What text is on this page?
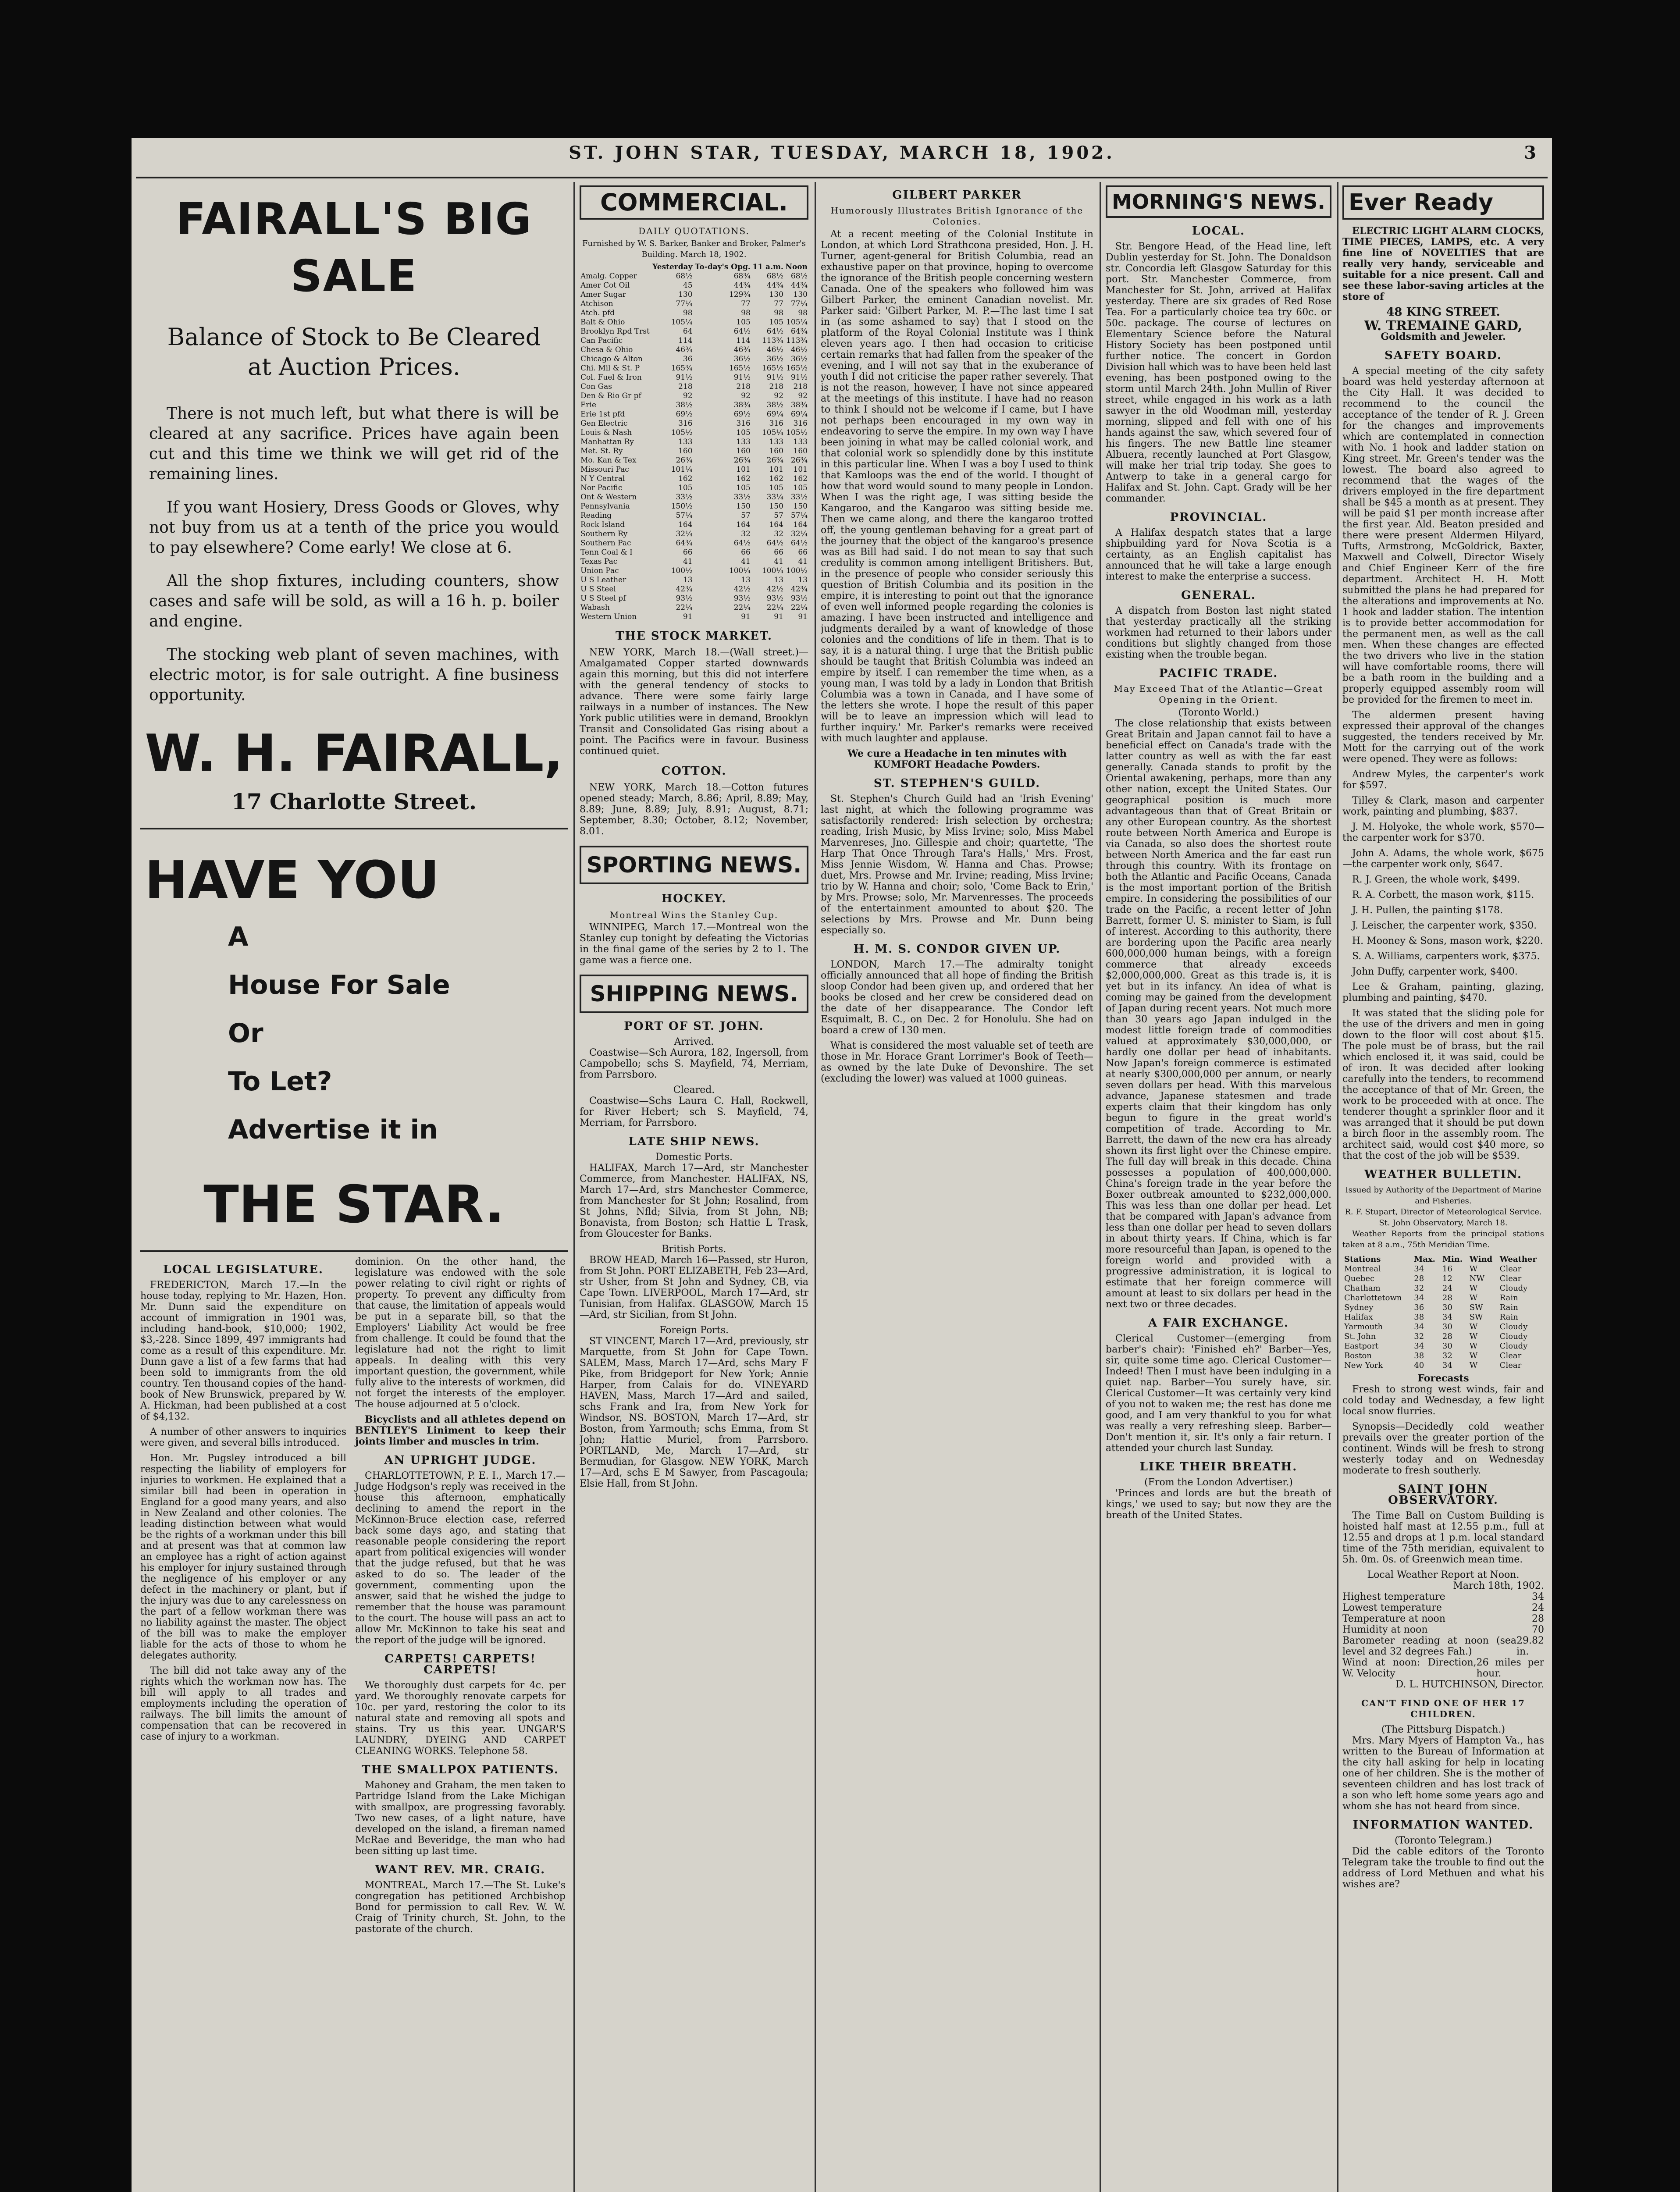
ST. JOHN STAR, TUESDAY, MARCH 18, 1902.	3
FAIRALL'S BIG SALE
Balance of Stock to Be Cleared at Auction Prices.

There is not much left, but what there is will be cleared at any sacrifice. Prices have again been cut and this time we think we will get rid of the remaining lines.

If you want Hosiery, Dress Goods or Gloves, why not buy from us at a tenth of the price you would to pay elsewhere? Come early! We close at 6.

All the shop fixtures, including counters, show cases and safe will be sold, as will a 16 h. p. boiler and engine.

The stocking web plant of seven machines, with electric motor, is for sale outright. A fine business opportunity.

W. H. FAIRALL,
17 Charlotte Street.
HAVE YOU
A
House For Sale
Or
To Let?
Advertise it in
THE STAR.
LOCAL LEGISLATURE.

FREDERICTON, March 17.—In the house today, replying to Mr. Hazen, Hon. Mr. Dunn said the expenditure on account of immigration in 1901 was, including hand-book, $10,000; 1902, $3,-228. Since 1899, 497 immigrants had come as a result of this expenditure. Mr. Dunn gave a list of a few farms that had been sold to immigrants from the old country. Ten thousand copies of the hand-book of New Brunswick, prepared by W. A. Hickman, had been published at a cost of $4,132.

A number of other answers to inquiries were given, and several bills introduced.

Hon. Mr. Pugsley introduced a bill respecting the liability of employers for injuries to workmen. He explained that a similar bill had been in operation in England for a good many years, and also in New Zealand and other colonies. The leading distinction between what would be the rights of a workman under this bill and at present was that at common law an employee has a right of action against his employer for injury sustained through the negligence of his employer or any defect in the machinery or plant, but if the injury was due to any carelessness on the part of a fellow workman there was no liability against the master. The object of the bill was to make the employer liable for the acts of those to whom he delegates authority.

The bill did not take away any of the rights which the workman now has. The bill will apply to all trades and employments including the operation of railways. The bill limits the amount of compensation that can be recovered in case of injury to a workman.

dominion. On the other hand, the legislature was endowed with the sole power relating to civil right or rights of property. To prevent any difficulty from that cause, the limitation of appeals would be put in a separate bill, so that the Employers' Liability Act would be free from challenge. It could be found that the legislature had not the right to limit appeals. In dealing with this very important question, the government, while fully alive to the interests of workmen, did not forget the interests of the employer. The house adjourned at 5 o'clock.

Bicyclists and all athletes depend on BENTLEY'S Liniment to keep their joints limber and muscles in trim.

AN UPRIGHT JUDGE.

CHARLOTTETOWN, P. E. I., March 17.—Judge Hodgson's reply was received in the house this afternoon, emphatically declining to amend the report in the McKinnon-Bruce election case, referred back some days ago, and stating that reasonable people considering the report apart from political exigencies will wonder that the judge refused, but that he was asked to do so. The leader of the government, commenting upon the answer, said that he wished the judge to remember that the house was paramount to the court. The house will pass an act to allow Mr. McKinnon to take his seat and the report of the judge will be ignored.

CARPETS! CARPETS! CARPETS!

We thoroughly dust carpets for 4c. per yard. We thoroughly renovate carpets for 10c. per yard, restoring the color to its natural state and removing all spots and stains. Try us this year. UNGAR'S LAUNDRY, DYEING AND CARPET CLEANING WORKS. Telephone 58.

THE SMALLPOX PATIENTS.

Mahoney and Graham, the men taken to Partridge Island from the Lake Michigan with smallpox, are progressing favorably. Two new cases, of a light nature, have developed on the island, a fireman named McRae and Beveridge, the man who had been sitting up last time.

WANT REV. MR. CRAIG.

MONTREAL, March 17.—The St. Luke's congregation has petitioned Archbishop Bond for permission to call Rev. W. W. Craig of Trinity church, St. John, to the pastorate of the church.

COMMERCIAL.
DAILY QUOTATIONS.
Furnished by W. S. Barker, Banker and Broker, Palmer's Building. March 18, 1902.
	Yesterday	To-day's Opg.	11 a.m.	Noon
Amalg. Copper	68½	68¾	68½	68½
Amer Cot Oil	45	44¾	44¾	44¾
Amer Sugar	130	129¾	130	130
Atchison	77¼	77	77	77¼
Atch. pfd	98	98	98	98
Balt & Ohio	105¼	105	105	105¼
Brooklyn Rpd Trst	64	64½	64½	64¾
Can Pacific	114	114	113¾	113¾
Chesa & Ohio	46¾	46¾	46½	46½
Chicago & Alton	36	36½	36½	36½
Chi. Mil & St. P	165¾	165½	165½	165½
Col. Fuel & Iron	91½	91½	91½	91½
Con Gas	218	218	218	218
Den & Rio Gr pf	92	92	92	92
Erie	38½	38¾	38½	38¾
Erie 1st pfd	69½	69½	69¼	69¼
Gen Electric	316	316	316	316
Louis & Nash	105½	105	105¼	105½
Manhattan Ry	133	133	133	133
Met. St. Ry	160	160	160	160
Mo. Kan & Tex	26¾	26¾	26¾	26¾
Missouri Pac	101¼	101	101	101
N Y Central	162	162	162	162
Nor Pacific	105	105	105	105
Ont & Western	33½	33½	33¼	33½
Pennsylvania	150½	150	150	150
Reading	57¼	57	57	57¼
Rock Island	164	164	164	164
Southern Ry	32¼	32	32	32¼
Southern Pac	64¾	64½	64½	64½
Tenn Coal & I	66	66	66	66
Texas Pac	41	41	41	41
Union Pac	100½	100¼	100¼	100½
U S Leather	13	13	13	13
U S Steel	42¾	42½	42½	42¾
U S Steel pf	93½	93½	93½	93½
Wabash	22¼	22¼	22¼	22¼
Western Union	91	91	91	91
THE STOCK MARKET.

NEW YORK, March 18.—(Wall street.)—Amalgamated Copper started downwards again this morning, but this did not interfere with the general tendency of stocks to advance. There were some fairly large railways in a number of instances. The New York public utilities were in demand, Brooklyn Transit and Consolidated Gas rising about a point. The Pacifics were in favour. Business continued quiet.

COTTON.

NEW YORK, March 18.—Cotton futures opened steady; March, 8.86; April, 8.89; May, 8.89; June, 8.89; July, 8.91; August, 8.71; September, 8.30; October, 8.12; November, 8.01.

SPORTING NEWS.
HOCKEY.
Montreal Wins the Stanley Cup.

WINNIPEG, March 17.—Montreal won the Stanley cup tonight by defeating the Victorias in the final game of the series by 2 to 1. The game was a fierce one.

SHIPPING NEWS.
PORT OF ST. JOHN.
Arrived.

Coastwise—Sch Aurora, 182, Ingersoll, from Campobello; schs S. Mayfield, 74, Merriam, from Parrsboro.

Cleared.

Coastwise—Schs Laura C. Hall, Rockwell, for River Hebert; sch S. Mayfield, 74, Merriam, for Parrsboro.

LATE SHIP NEWS.
Domestic Ports.

HALIFAX, March 17—Ard, str Manchester Commerce, from Manchester. HALIFAX, NS, March 17—Ard, strs Manchester Commerce, from Manchester for St John; Rosalind, from St Johns, Nfld; Silvia, from St John, NB; Bonavista, from Boston; sch Hattie L Trask, from Gloucester for Banks.

British Ports.

BROW HEAD, March 16—Passed, str Huron, from St John. PORT ELIZABETH, Feb 23—Ard, str Usher, from St John and Sydney, CB, via Cape Town. LIVERPOOL, March 17—Ard, str Tunisian, from Halifax. GLASGOW, March 15—Ard, str Sicilian, from St John.

Foreign Ports.

ST VINCENT, March 17—Ard, previously, str Marquette, from St John for Cape Town. SALEM, Mass, March 17—Ard, schs Mary F Pike, from Bridgeport for New York; Annie Harper, from Calais for do. VINEYARD HAVEN, Mass, March 17—Ard and sailed, schs Frank and Ira, from New York for Windsor, NS. BOSTON, March 17—Ard, str Boston, from Yarmouth; schs Emma, from St John; Hattie Muriel, from Parrsboro. PORTLAND, Me, March 17—Ard, str Bermudian, for Glasgow. NEW YORK, March 17—Ard, schs E M Sawyer, from Pascagoula; Elsie Hall, from St John.

GILBERT PARKER
Humorously Illustrates British Ignorance of the Colonies.

At a recent meeting of the Colonial Institute in London, at which Lord Strathcona presided, Hon. J. H. Turner, agent-general for British Columbia, read an exhaustive paper on that province, hoping to overcome the ignorance of the British people concerning western Canada. One of the speakers who followed him was Gilbert Parker, the eminent Canadian novelist. Mr. Parker said: 'Gilbert Parker, M. P.—The last time I sat in (as some ashamed to say) that I stood on the platform of the Royal Colonial Institute was I think eleven years ago. I then had occasion to criticise certain remarks that had fallen from the speaker of the evening, and I will not say that in the exuberance of youth I did not criticise the paper rather severely. That is not the reason, however, I have not since appeared at the meetings of this institute. I have had no reason to think I should not be welcome if I came, but I have not perhaps been encouraged in my own way in endeavoring to serve the empire. In my own way I have been joining in what may be called colonial work, and that colonial work so splendidly done by this institute in this particular line. When I was a boy I used to think that Kamloops was the end of the world. I thought of how that word would sound to many people in London. When I was the right age, I was sitting beside the Kangaroo, and the Kangaroo was sitting beside me. Then we came along, and there the kangaroo trotted off, the young gentleman behaving for a great part of the journey that the object of the kangaroo's presence was as Bill had said. I do not mean to say that such credulity is common among intelligent Britishers. But, in the presence of people who consider seriously this question of British Columbia and its position in the empire, it is interesting to point out that the ignorance of even well informed people regarding the colonies is amazing. I have been instructed and intelligence and judgments derailed by a want of knowledge of those colonies and the conditions of life in them. That is to say, it is a natural thing. I urge that the British public should be taught that British Columbia was indeed an empire by itself. I can remember the time when, as a young man, I was told by a lady in London that British Columbia was a town in Canada, and I have some of the letters she wrote. I hope the result of this paper will be to leave an impression which will lead to further inquiry.' Mr. Parker's remarks were received with much laughter and applause.

We cure a Headache in ten minutes with KUMFORT Headache Powders.

ST. STEPHEN'S GUILD.

St. Stephen's Church Guild had an 'Irish Evening' last night, at which the following programme was satisfactorily rendered: Irish selection by orchestra; reading, Irish Music, by Miss Irvine; solo, Miss Mabel Marvenreses, Jno. Gillespie and choir; quartette, 'The Harp That Once Through Tara's Halls,' Mrs. Frost, Miss Jennie Wisdom, W. Hanna and Chas. Prowse; duet, Mrs. Prowse and Mr. Irvine; reading, Miss Irvine; trio by W. Hanna and choir; solo, 'Come Back to Erin,' by Mrs. Prowse; solo, Mr. Marvenresses. The proceeds of the entertainment amounted to about $20. The selections by Mrs. Prowse and Mr. Dunn being especially so.

H. M. S. CONDOR GIVEN UP.

LONDON, March 17.—The admiralty tonight officially announced that all hope of finding the British sloop Condor had been given up, and ordered that her books be closed and her crew be considered dead on the date of her disappearance. The Condor left Esquimalt, B. C., on Dec. 2 for Honolulu. She had on board a crew of 130 men.

What is considered the most valuable set of teeth are those in Mr. Horace Grant Lorrimer's Book of Teeth—as owned by the late Duke of Devonshire. The set (excluding the lower) was valued at 1000 guineas.

MORNING'S NEWS.
LOCAL.

Str. Bengore Head, of the Head line, left Dublin yesterday for St. John. The Donaldson str. Concordia left Glasgow Saturday for this port. Str. Manchester Commerce, from Manchester for St. John, arrived at Halifax yesterday. There are six grades of Red Rose Tea. For a particularly choice tea try 60c. or 50c. package. The course of lectures on Elementary Science before the Natural History Society has been postponed until further notice. The concert in Gordon Division hall which was to have been held last evening, has been postponed owing to the storm until March 24th. John Mullin of River street, while engaged in his work as a lath sawyer in the old Woodman mill, yesterday morning, slipped and fell with one of his hands against the saw, which severed four of his fingers. The new Battle line steamer Albuera, recently launched at Port Glasgow, will make her trial trip today. She goes to Antwerp to take in a general cargo for Halifax and St. John. Capt. Grady will be her commander.

PROVINCIAL.

A Halifax despatch states that a large shipbuilding yard for Nova Scotia is a certainty, as an English capitalist has announced that he will take a large enough interest to make the enterprise a success.

GENERAL.

A dispatch from Boston last night stated that yesterday practically all the striking workmen had returned to their labors under conditions but slightly changed from those existing when the trouble began.

PACIFIC TRADE.
May Exceed That of the Atlantic—Great Opening in the Orient.
(Toronto World.)

The close relationship that exists between Great Britain and Japan cannot fail to have a beneficial effect on Canada's trade with the latter country as well as with the far east generally. Canada stands to profit by the Oriental awakening, perhaps, more than any other nation, except the United States. Our geographical position is much more advantageous than that of Great Britain or any other European country. As the shortest route between North America and Europe is via Canada, so also does the shortest route between North America and the far east run through this country. With its frontage on both the Atlantic and Pacific Oceans, Canada is the most important portion of the British empire. In considering the possibilities of our trade on the Pacific, a recent letter of John Barrett, former U. S. minister to Siam, is full of interest. According to this authority, there are bordering upon the Pacific area nearly 600,000,000 human beings, with a foreign commerce that already exceeds $2,000,000,000. Great as this trade is, it is yet but in its infancy. An idea of what is coming may be gained from the development of Japan during recent years. Not much more than 30 years ago Japan indulged in the modest little foreign trade of commodities valued at approximately $30,000,000, or hardly one dollar per head of inhabitants. Now Japan's foreign commerce is estimated at nearly $300,000,000 per annum, or nearly seven dollars per head. With this marvelous advance, Japanese statesmen and trade experts claim that their kingdom has only begun to figure in the great world's competition of trade. According to Mr. Barrett, the dawn of the new era has already shown its first light over the Chinese empire. The full day will break in this decade. China possesses a population of 400,000,000. China's foreign trade in the year before the Boxer outbreak amounted to $232,000,000. This was less than one dollar per head. Let that be compared with Japan's advance from less than one dollar per head to seven dollars in about thirty years. If China, which is far more resourceful than Japan, is opened to the foreign world and provided with a progressive administration, it is logical to estimate that her foreign commerce will amount at least to six dollars per head in the next two or three decades.

A FAIR EXCHANGE.

Clerical Customer—(emerging from barber's chair): 'Finished eh?' Barber—Yes, sir, quite some time ago. Clerical Customer—Indeed! Then I must have been indulging in a quiet nap. Barber—You surely have, sir. Clerical Customer—It was certainly very kind of you not to waken me; the rest has done me good, and I am very thankful to you for what was really a very refreshing sleep. Barber—Don't mention it, sir. It's only a fair return. I attended your church last Sunday.

LIKE THEIR BREATH.
(From the London Advertiser.)

'Princes and lords are but the breath of kings,' we used to say; but now they are the breath of the United States.

Ever Ready

ELECTRIC LIGHT ALARM CLOCKS, TIME PIECES, LAMPS, etc. A very fine line of NOVELTIES that are really very handy, serviceable and suitable for a nice present. Call and see these labor-saving articles at the store of

48 KING STREET.
W. TREMAINE GARD,
Goldsmith and Jeweler.
SAFETY BOARD.

A special meeting of the city safety board was held yesterday afternoon at the City Hall. It was decided to recommend to the council the acceptance of the tender of R. J. Green for the changes and improvements which are contemplated in connection with No. 1 hook and ladder station on King street. Mr. Green's tender was the lowest. The board also agreed to recommend that the wages of the drivers employed in the fire department shall be $45 a month as at present. They will be paid $1 per month increase after the first year. Ald. Beaton presided and there were present Aldermen Hilyard, Tufts, Armstrong, McGoldrick, Baxter, Maxwell and Colwell, Director Wisely and Chief Engineer Kerr of the fire department. Architect H. H. Mott submitted the plans he had prepared for the alterations and improvements at No. 1 hook and ladder station. The intention is to provide better accommodation for the permanent men, as well as the call men. When these changes are effected the two drivers who live in the station will have comfortable rooms, there will be a bath room in the building and a properly equipped assembly room will be provided for the firemen to meet in.

The aldermen present having expressed their approval of the changes suggested, the tenders received by Mr. Mott for the carrying out of the work were opened. They were as follows:

Andrew Myles, the carpenter's work for $597.

Tilley & Clark, mason and carpenter work, painting and plumbing, $837.

J. M. Holyoke, the whole work, $570—the carpenter work for $370.

John A. Adams, the whole work, $675—the carpenter work only, $647.

R. J. Green, the whole work, $499.

R. A. Corbett, the mason work, $115.

J. H. Pullen, the painting $178.

J. Leischer, the carpenter work, $350.

H. Mooney & Sons, mason work, $220.

S. A. Williams, carpenters work, $375.

John Duffy, carpenter work, $400.

Lee & Graham, painting, glazing, plumbing and painting, $470.

It was stated that the sliding pole for the use of the drivers and men in going down to the floor will cost about $15. The pole must be of brass, but the rail which enclosed it, it was said, could be of iron. It was decided after looking carefully into the tenders, to recommend the acceptance of that of Mr. Green, the work to be proceeded with at once. The tenderer thought a sprinkler floor and it was arranged that it should be put down a birch floor in the assembly room. The architect said, would cost $40 more, so that the cost of the job will be $539.

WEATHER BULLETIN.
Issued by Authority of the Department of Marine and Fisheries.
R. F. Stupart, Director of Meteorological Service.
St. John Observatory, March 18.

Weather Reports from the principal stations taken at 8 a.m., 75th Meridian Time.

Stations	Max.	Min.	Wind	Weather
Montreal	34	16	W	Clear
Quebec	28	12	NW	Clear
Chatham	32	24	W	Cloudy
Charlottetown	34	28	W	Rain
Sydney	36	30	SW	Rain
Halifax	38	34	SW	Rain
Yarmouth	34	30	W	Cloudy
St. John	32	28	W	Cloudy
Eastport	34	30	W	Cloudy
Boston	38	32	W	Clear
New York	40	34	W	Clear
Forecasts

Fresh to strong west winds, fair and cold today and Wednesday, a few light local snow flurries.

Synopsis—Decidedly cold weather prevails over the greater portion of the continent. Winds will be fresh to strong westerly today and on Wednesday moderate to fresh southerly.

SAINT JOHN OBSERVATORY.

The Time Ball on Custom Building is hoisted half mast at 12.55 p.m., full at 12.55 and drops at 1 p.m. local standard time of the 75th meridian, equivalent to 5h. 0m. 0s. of Greenwich mean time.

Local Weather Report at Noon.
March 18th, 1902.
Highest temperature	34
Lowest temperature	24
Temperature at noon	28
Humidity at noon	70
Barometer reading at noon (sea level and 32 degrees Fah.)
29.82 in.
Wind at noon: Direction, W. Velocity
26 miles per hour.
D. L. HUTCHINSON, Director.
CAN'T FIND ONE OF HER 17 CHILDREN.
(The Pittsburg Dispatch.)

Mrs. Mary Myers of Hampton Va., has written to the Bureau of Information at the city hall asking for help in locating one of her children. She is the mother of seventeen children and has lost track of a son who left home some years ago and whom she has not heard from since.

INFORMATION WANTED.
(Toronto Telegram.)

Did the cable editors of the Toronto Telegram take the trouble to find out the address of Lord Methuen and what his wishes are?
